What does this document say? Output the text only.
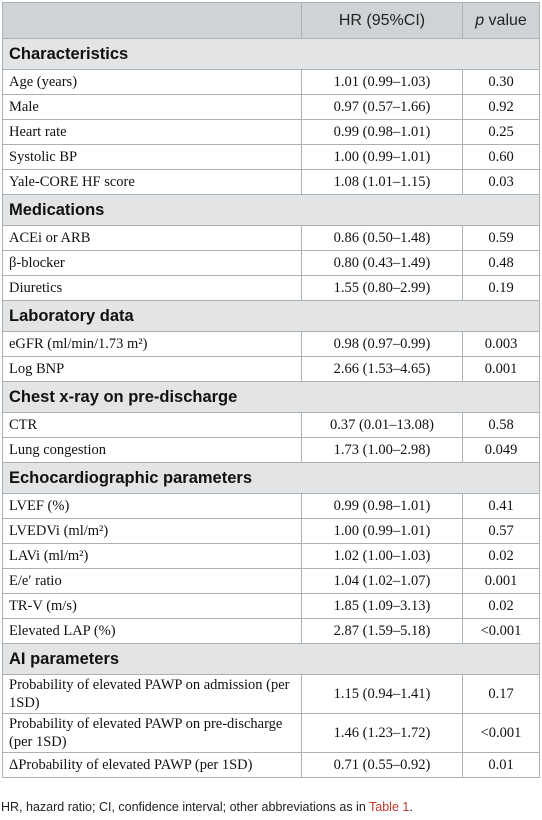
	HR (95%CI)	p value
Characteristics		
Age (years)	1.01 (0.99–1.03)	0.30
Male	0.97 (0.57–1.66)	0.92
Heart rate	0.99 (0.98–1.01)	0.25
Systolic BP	1.00 (0.99–1.01)	0.60
Yale-CORE HF score	1.08 (1.01–1.15)	0.03
Medications		
ACEi or ARB	0.86 (0.50–1.48)	0.59
β-blocker	0.80 (0.43–1.49)	0.48
Diuretics	1.55 (0.80–2.99)	0.19
Laboratory data		
eGFR (ml/min/1.73 m²)	0.98 (0.97–0.99)	0.003
Log BNP	2.66 (1.53–4.65)	0.001
Chest x-ray on pre-discharge		
CTR	0.37 (0.01–13.08)	0.58
Lung congestion	1.73 (1.00–2.98)	0.049
Echocardiographic parameters		
LVEF (%)	0.99 (0.98–1.01)	0.41
LVEDVi (ml/m²)	1.00 (0.99–1.01)	0.57
LAVi (ml/m²)	1.02 (1.00–1.03)	0.02
E/e′ ratio	1.04 (1.02–1.07)	0.001
TR-V (m/s)	1.85 (1.09–3.13)	0.02
Elevated LAP (%)	2.87 (1.59–5.18)	<0.001
AI parameters		
Probability of elevated PAWP on admission (per 1SD)	1.15 (0.94–1.41)	0.17
Probability of elevated PAWP on pre-discharge (per 1SD)	1.46 (1.23–1.72)	<0.001
ΔProbability of elevated PAWP (per 1SD)	0.71 (0.55–0.92)	0.01
HR, hazard ratio; CI, confidence interval; other abbreviations as in Table 1.
